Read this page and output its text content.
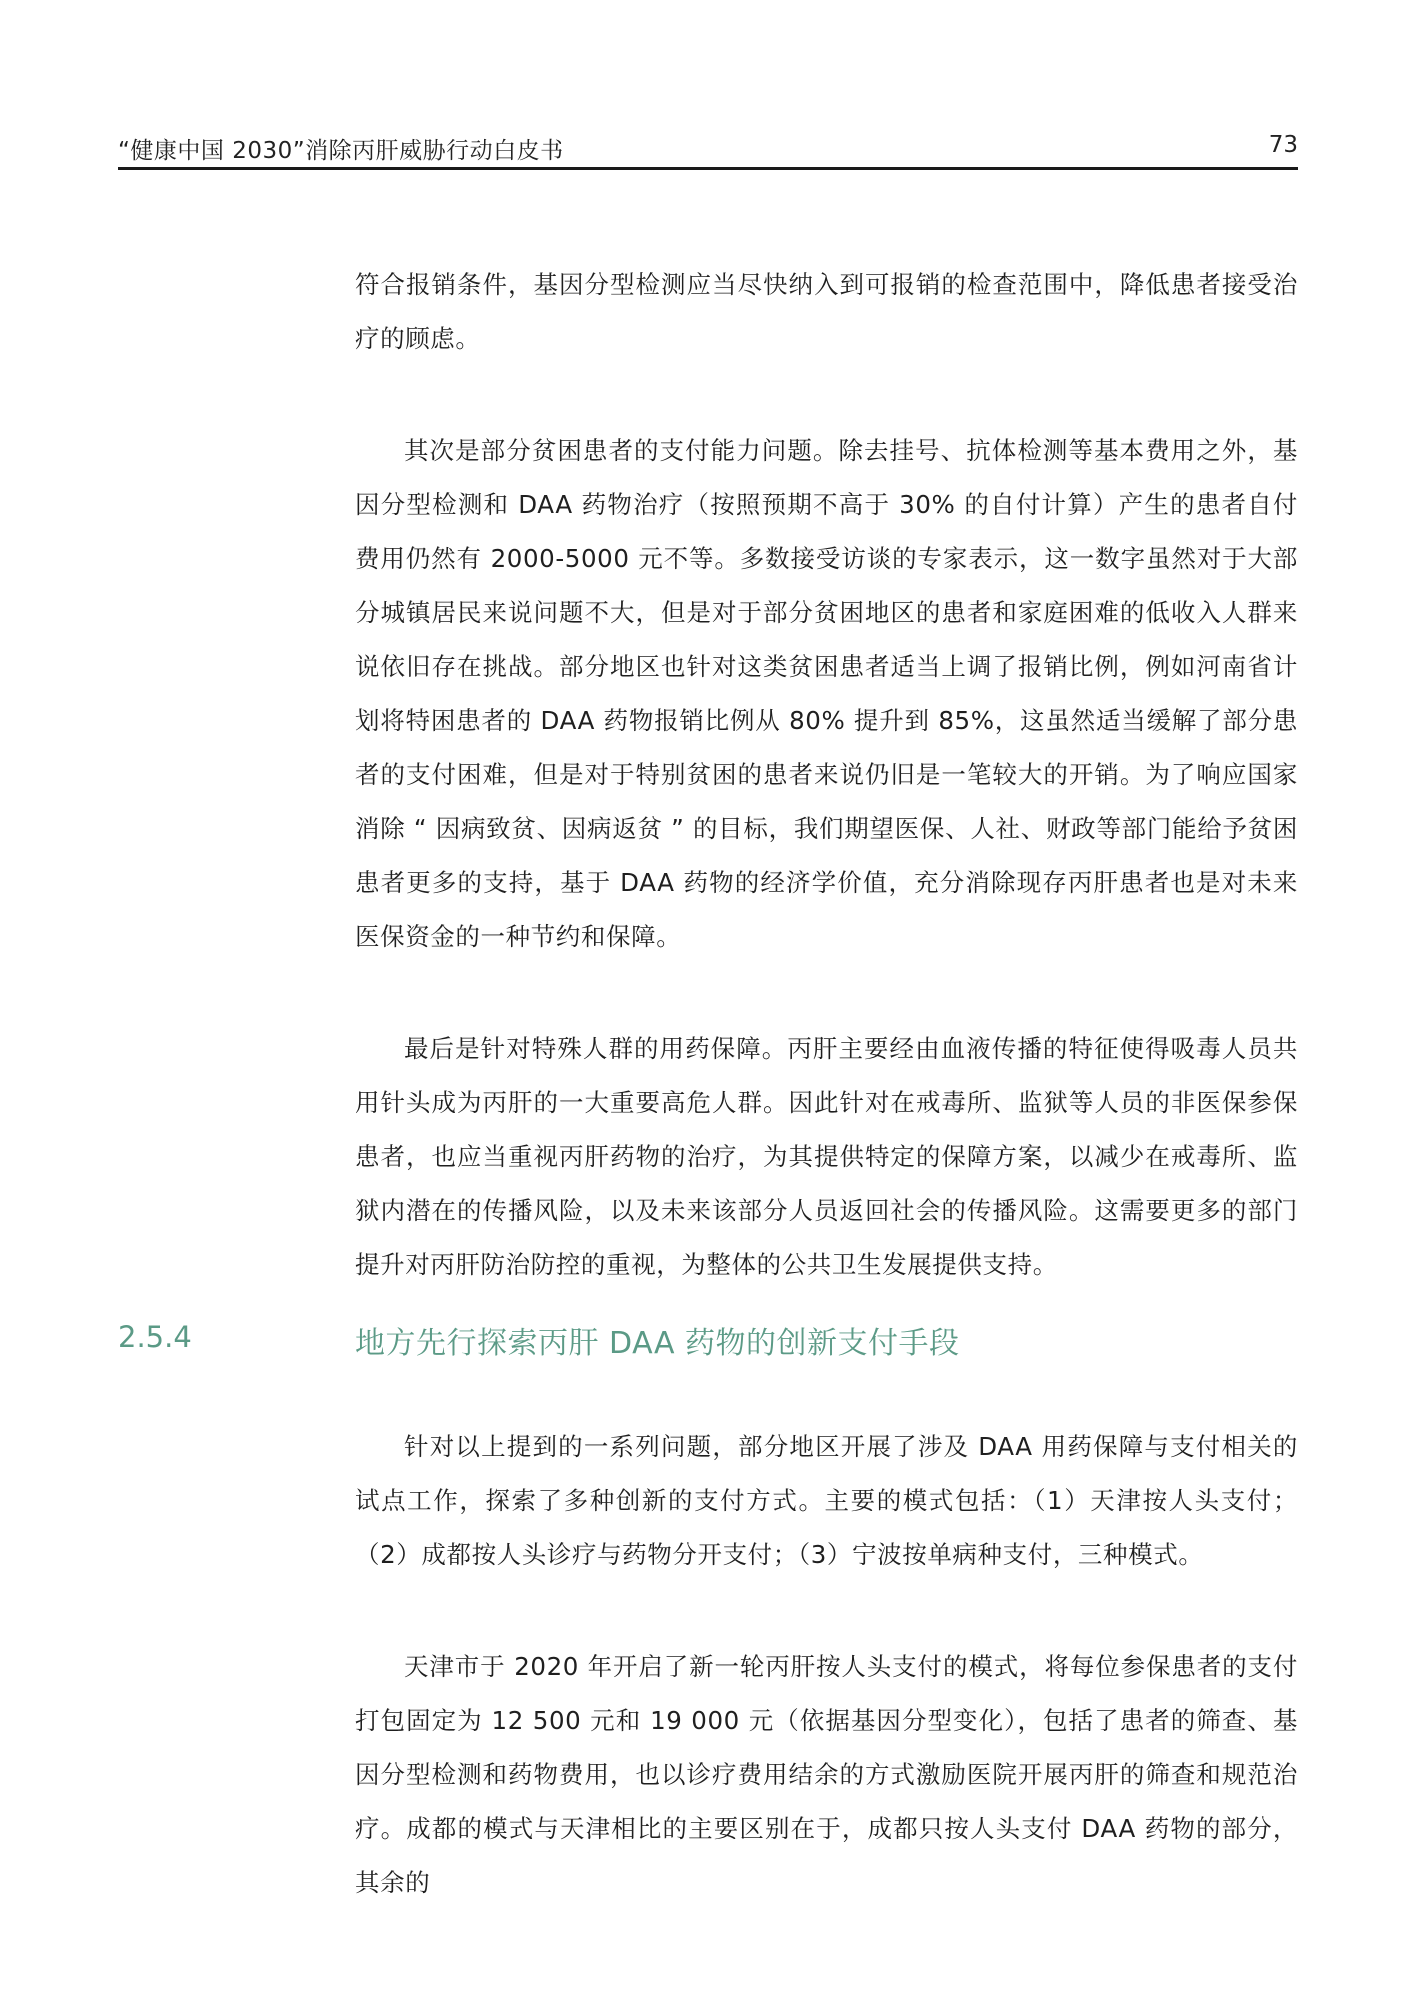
“健康中国 2030”消除丙肝威胁行动白皮书	73

符合报销条件，基因分型检测应当尽快纳入到可报销的检查范围中，降低患者接受治疗的顾虑。

其次是部分贫困患者的支付能力问题。除去挂号、抗体检测等基本费用之外，基因分型检测和 DAA 药物治疗（按照预期不高于 30% 的自付计算）产生的患者自付费用仍然有 2000-5000 元不等。多数接受访谈的专家表示，这一数字虽然对于大部分城镇居民来说问题不大，但是对于部分贫困地区的患者和家庭困难的低收入人群来说依旧存在挑战。部分地区也针对这类贫困患者适当上调了报销比例，例如河南省计划将特困患者的 DAA 药物报销比例从 80% 提升到 85%，这虽然适当缓解了部分患者的支付困难，但是对于特别贫困的患者来说仍旧是一笔较大的开销。为了响应国家消除 “ 因病致贫、因病返贫 ” 的目标，我们期望医保、人社、财政等部门能给予贫困患者更多的支持，基于 DAA 药物的经济学价值，充分消除现存丙肝患者也是对未来医保资金的一种节约和保障。

最后是针对特殊人群的用药保障。丙肝主要经由血液传播的特征使得吸毒人员共用针头成为丙肝的一大重要高危人群。因此针对在戒毒所、监狱等人员的非医保参保患者，也应当重视丙肝药物的治疗，为其提供特定的保障方案，以减少在戒毒所、监狱内潜在的传播风险，以及未来该部分人员返回社会的传播风险。这需要更多的部门提升对丙肝防治防控的重视，为整体的公共卫生发展提供支持。

2.5.4	地方先行探索丙肝 DAA 药物的创新支付手段

针对以上提到的一系列问题，部分地区开展了涉及 DAA 用药保障与支付相关的试点工作，探索了多种创新的支付方式。主要的模式包括：（1）天津按人头支付；（2）成都按人头诊疗与药物分开支付；（3）宁波按单病种支付，三种模式。

天津市于 2020 年开启了新一轮丙肝按人头支付的模式，将每位参保患者的支付打包固定为 12 500 元和 19 000 元（依据基因分型变化），包括了患者的筛查、基因分型检测和药物费用，也以诊疗费用结余的方式激励医院开展丙肝的筛查和规范治疗。成都的模式与天津相比的主要区别在于，成都只按人头支付 DAA 药物的部分，其余的
